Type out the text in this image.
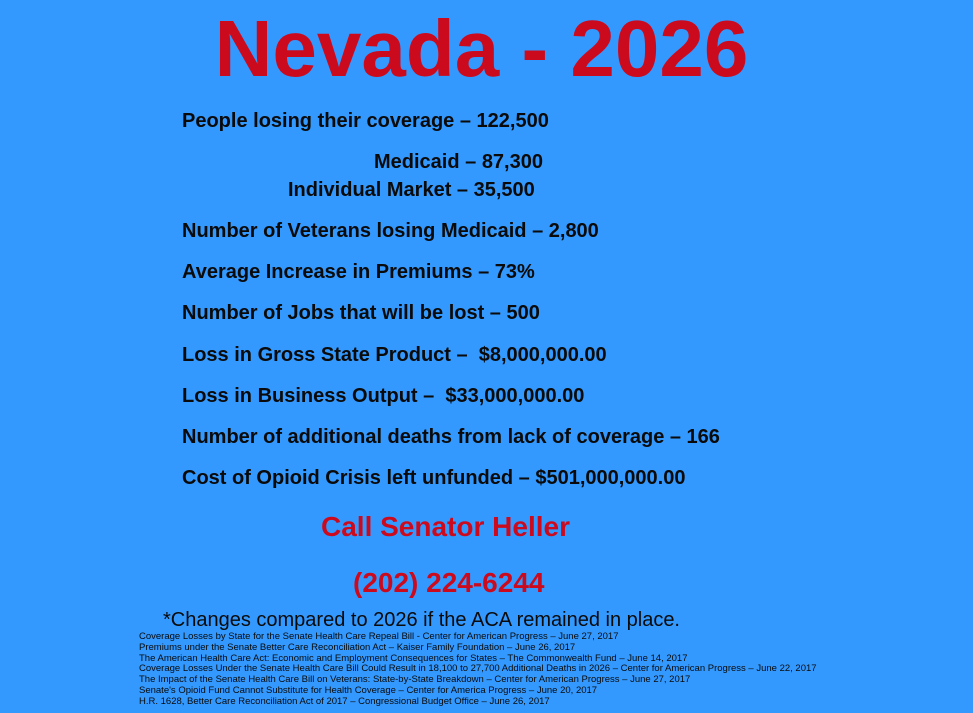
Nevada - 2026
People losing their coverage – 122,500
Medicaid – 87,300
Individual Market – 35,500
Number of Veterans losing Medicaid – 2,800
Average Increase in Premiums – 73%
Number of Jobs that will be lost – 500
Loss in Gross State Product –  $8,000,000.00
Loss in Business Output –  $33,000,000.00
Number of additional deaths from lack of coverage – 166
Cost of Opioid Crisis left unfunded – $501,000,000.00
Call Senator Heller
(202) 224-6244
*Changes compared to 2026 if the ACA remained in place.
Coverage Losses by State for the Senate Health Care Repeal Bill - Center for American Progress – June 27, 2017
Premiums under the Senate Better Care Reconciliation Act – Kaiser Family Foundation – June 26, 2017
The American Health Care Act: Economic and Employment Consequences for States – The Commonwealth Fund – June 14, 2017
Coverage Losses Under the Senate Health Care Bill Could Result in 18,100 to 27,700 Additional Deaths in 2026 – Center for American Progress – June 22, 2017
The Impact of the Senate Health Care Bill on Veterans: State-by-State Breakdown – Center for American Progress – June 27, 2017
Senate's Opioid Fund Cannot Substitute for Health Coverage – Center for America Progress – June 20, 2017
H.R. 1628, Better Care Reconciliation Act of 2017 – Congressional Budget Office – June 26, 2017
